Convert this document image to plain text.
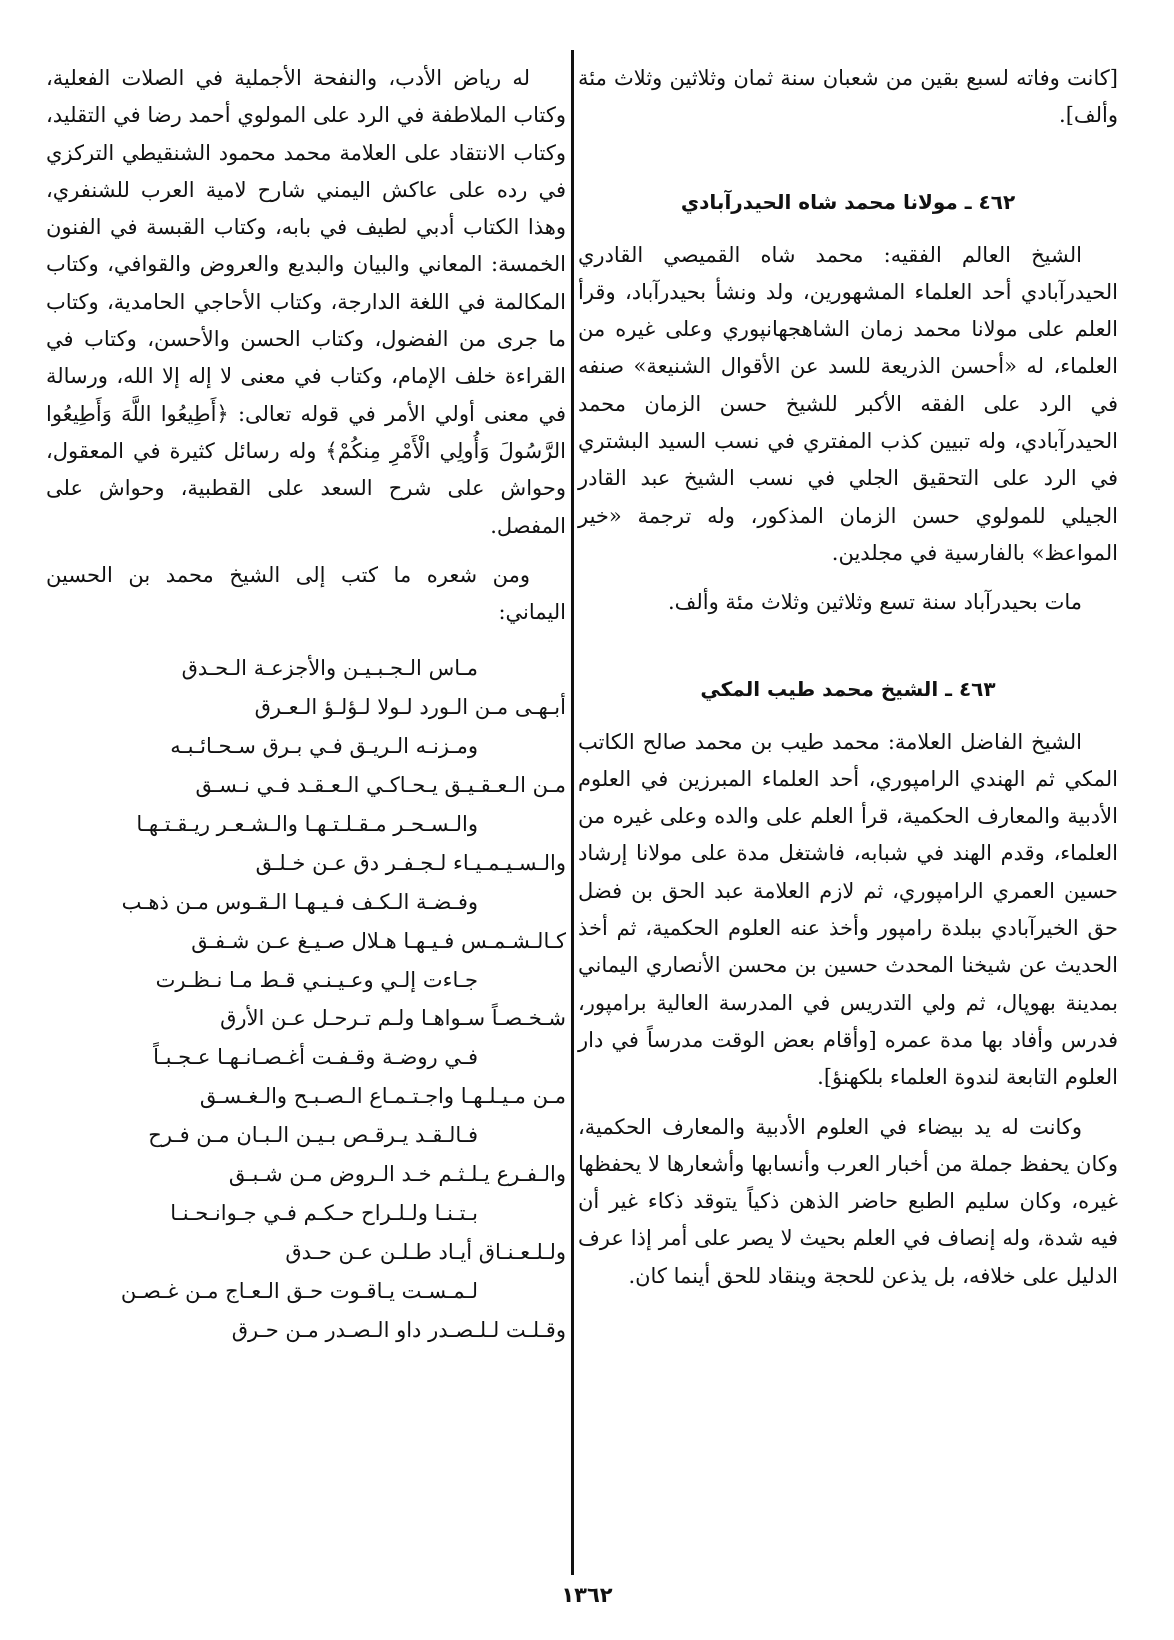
[كانت وفاته لسبع بقين من شعبان سنة ثمان وثلاثين وثلاث مئة وألف].

٤٦٢ ـ مولانا محمد شاه الحيدرآبادي

الشيخ العالم الفقيه: محمد شاه القميصي القادري الحيدرآبادي أحد العلماء المشهورين، ولد ونشأ بحيدرآباد، وقرأ العلم على مولانا محمد زمان الشاهجهانپوري وعلى غيره من العلماء، له «أحسن الذريعة للسد عن الأقوال الشنيعة» صنفه في الرد على الفقه الأكبر للشيخ حسن الزمان محمد الحيدرآبادي، وله تبيين كذب المفتري في نسب السيد البشتري في الرد على التحقيق الجلي في نسب الشيخ عبد القادر الجيلي للمولوي حسن الزمان المذكور، وله ترجمة «خير المواعظ» بالفارسية في مجلدين.

مات بحيدرآباد سنة تسع وثلاثين وثلاث مئة وألف.

٤٦٣ ـ الشيخ محمد طيب المكي

الشيخ الفاضل العلامة: محمد طيب بن محمد صالح الكاتب المكي ثم الهندي الرامپوري، أحد العلماء المبرزين في العلوم الأدبية والمعارف الحكمية، قرأ العلم على والده وعلى غيره من العلماء، وقدم الهند في شبابه، فاشتغل مدة على مولانا إرشاد حسين العمري الرامپوري، ثم لازم العلامة عبد الحق بن فضل حق الخيرآبادي ببلدة رامپور وأخذ عنه العلوم الحكمية، ثم أخذ الحديث عن شيخنا المحدث حسين بن محسن الأنصاري اليماني بمدينة بهوپال، ثم ولي التدريس في المدرسة العالية برامپور، فدرس وأفاد بها مدة عمره [وأقام بعض الوقت مدرساً في دار العلوم التابعة لندوة العلماء بلكهنؤ].

وكانت له يد بيضاء في العلوم الأدبية والمعارف الحكمية، وكان يحفظ جملة من أخبار العرب وأنسابها وأشعارها لا يحفظها غيره، وكان سليم الطبع حاضر الذهن ذكياً يتوقد ذكاء غير أن فيه شدة، وله إنصاف في العلم بحيث لا يصر على أمر إذا عرف الدليل على خلافه، بل يذعن للحجة وينقاد للحق أينما كان.

له رياض الأدب، والنفحة الأجملية في الصلات الفعلية، وكتاب الملاطفة في الرد على المولوي أحمد رضا في التقليد، وكتاب الانتقاد على العلامة محمد محمود الشنقيطي التركزي في رده على عاكش اليمني شارح لامية العرب للشنفري، وهذا الكتاب أدبي لطيف في بابه، وكتاب القبسة في الفنون الخمسة: المعاني والبيان والبديع والعروض والقوافي، وكتاب المكالمة في اللغة الدارجة، وكتاب الأحاجي الحامدية، وكتاب ما جرى من الفضول، وكتاب الحسن والأحسن، وكتاب في القراءة خلف الإمام، وكتاب في معنى لا إله إلا الله، ورسالة في معنى أولي الأمر في قوله تعالى: ﴿أَطِيعُوا اللَّهَ وَأَطِيعُوا الرَّسُولَ وَأُولِي الْأَمْرِ مِنكُمْ﴾ وله رسائل كثيرة في المعقول، وحواش على شرح السعد على القطبية، وحواش على المفصل.

ومن شعره ما كتب إلى الشيخ محمد بن الحسين اليماني:

مـاس الـجـبـيـن والأجزعـة الـحـدق
أبـهـى مـن الـورد لـولا لـؤلـؤ الـعـرق
ومـزنـه الـريـق فـي بـرق سـحـائـبـه
مـن الـعـقـيـق يـحـاكـي الـعـقـد فـي نـسـق
والـسـحـر مـقـلـتـهـا والـشـعـر ريـقـتـهـا
والـسـيـمـيـاء لـجـفـر دق عـن خـلـق
وفـضـة الـكـف فـيـهـا الـقـوس مـن ذهـب
كـالـشـمـس فـيـهـا هـلال صـيـغ عـن شـفـق
جـاءت إلـي وعـيـنـي قـط مـا نـظـرت
شـخـصـاً سـواهـا ولـم تـرحـل عـن الأرق
فـي روضـة وقـفـت أغـصـانـهـا عـجـبـاً
مـن مـيـلـهـا واجـتـمـاع الـصـبـح والـغـسـق
فـالـقـد يـرقـص بـيـن الـبـان مـن فـرح
والـفـرع يـلـثـم خـد الـروض مـن شـبـق
بـتـنـا ولـلـراح حـكـم فـي جـوانـحـنـا
ولـلـعـنـاق أيـاد طـلـن عـن حـدق
لـمـسـت يـاقـوت حـق الـعـاج مـن غـصـن
وقـلـت لـلـصـدر داو الـصـدر مـن حـرق
١٣٦٢
